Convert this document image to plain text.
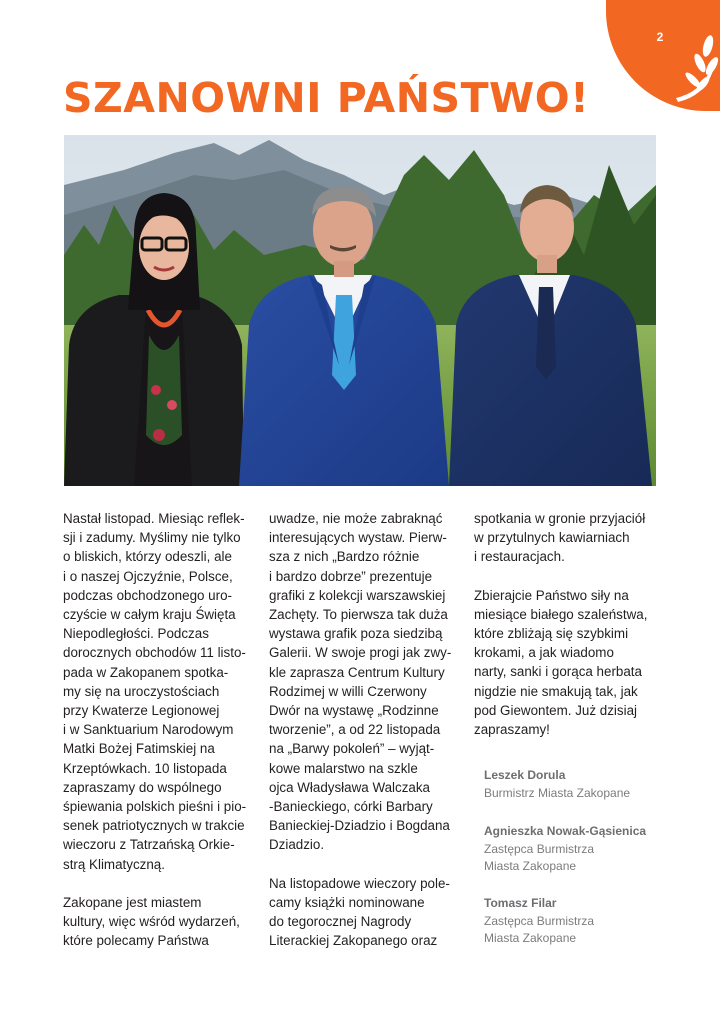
2
SZANOWNI PAŃSTWO!

Nastał listopad. Miesiąc reflek-
sji i zadumy. Myślimy nie tylko
o bliskich, którzy odeszli, ale
i o naszej Ojczyźnie, Polsce,
podczas obchodzonego uro-
czyście w całym kraju Święta
Niepodległości. Podczas
dorocznych obchodów 11 listo-
pada w Zakopanem spotka-
my się na uroczystościach
przy Kwaterze Legionowej
i w Sanktuarium Narodowym
Matki Bożej Fatimskiej na
Krzeptówkach. 10 listopada
zapraszamy do wspólnego
śpiewania polskich pieśni i pio-
senek patriotycznych w trakcie
wieczoru z Tatrzańską Orkie-
strą Klimatyczną.

Zakopane jest miastem
kultury, więc wśród wydarzeń,
które polecamy Państwa

uwadze, nie może zabraknąć
interesujących wystaw. Pierw-
sza z nich „Bardzo różnie
i bardzo dobrze” prezentuje
grafiki z kolekcji warszawskiej
Zachęty. To pierwsza tak duża
wystawa grafik poza siedzibą
Galerii. W swoje progi jak zwy-
kle zaprasza Centrum Kultury
Rodzimej w willi Czerwony
Dwór na wystawę „Rodzinne
tworzenie”, a od 22 listopada
na „Barwy pokoleń” – wyjąt-
kowe malarstwo na szkle
ojca Władysława Walczaka
-Banieckiego, córki Barbary
Banieckiej-Dziadzio i Bogdana
Dziadzio.

Na listopadowe wieczory pole-
camy książki nominowane
do tegorocznej Nagrody
Literackiej Zakopanego oraz

spotkania w gronie przyjaciół
w przytulnych kawiarniach
i restauracjach.

Zbierajcie Państwo siły na
miesiące białego szaleństwa,
które zbliżają się szybkimi
krokami, a jak wiadomo
narty, sanki i gorąca herbata
nigdzie nie smakują tak, jak
pod Giewontem. Już dzisiaj
zapraszamy!

Leszek Dorula
Burmistrz Miasta Zakopane
Agnieszka Nowak-Gąsienica
Zastępca Burmistrza
Miasta Zakopane
Tomasz Filar
Zastępca Burmistrza
Miasta Zakopane
